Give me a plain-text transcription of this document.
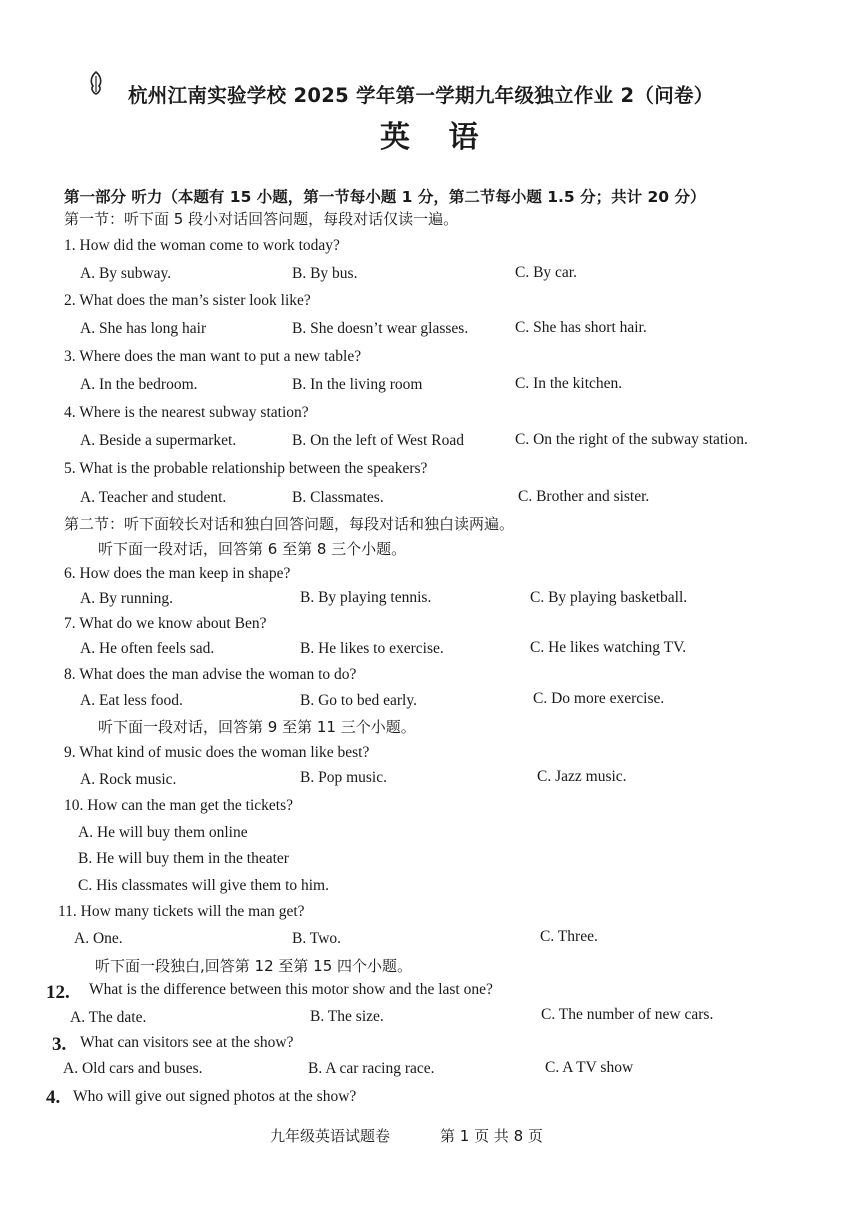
杭州江南实验学校 2025 学年第一学期九年级独立作业 2（问卷）
英 语
第一部分 听力（本题有 15 小题，第一节每小题 1 分，第二节每小题 1.5 分；共计 20 分）
第一节：听下面 5 段小对话回答问题，每段对话仅读一遍。
1. How did the woman come to work today?
A. By subway.	B. By bus.	C. By car.
2. What does the man’s sister look like?
A. She has long hair	B. She doesn’t wear glasses.	C. She has short hair.
3. Where does the man want to put a new table?
A. In the bedroom.	B. In the living room	C. In the kitchen.
4. Where is the nearest subway station?
A. Beside a supermarket.	B. On the left of West Road	C. On the right of the subway station.
5. What is the probable relationship between the speakers?
A. Teacher and student.	B. Classmates.	C. Brother and sister.
第二节：听下面较长对话和独白回答问题，每段对话和独白读两遍。
听下面一段对话，回答第 6 至第 8 三个小题。
6. How does the man keep in shape?
A. By running.	B. By playing tennis.	C. By playing basketball.
7. What do we know about Ben?
A. He often feels sad.	B. He likes to exercise.	C. He likes watching TV.
8. What does the man advise the woman to do?
A. Eat less food.	B. Go to bed early.	C. Do more exercise.
听下面一段对话，回答第 9 至第 11 三个小题。
9. What kind of music does the woman like best?
A. Rock music.	B. Pop music.	C. Jazz music.
10. How can the man get the tickets?
A. He will buy them online
B. He will buy them in the theater
C. His classmates will give them to him.
11. How many tickets will the man get?
A. One.	B. Two.	C. Three.
听下面一段独白,回答第 12 至第 15 四个小题。
12. What is the difference between this motor show and the last one?
A. The date.	B. The size.	C. The number of new cars.
3. What can visitors see at the show?
A. Old cars and buses.	B. A car racing race.	C. A TV show
4. Who will give out signed photos at the show?
九年级英语试题卷	第 1 页 共 8 页
